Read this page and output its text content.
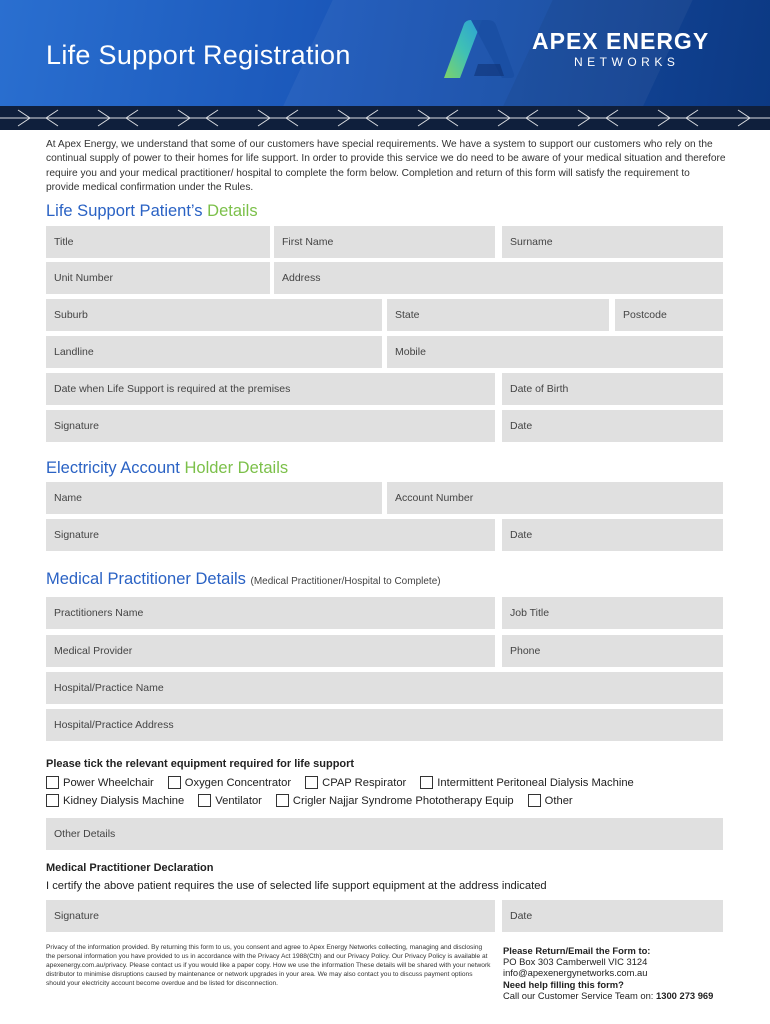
Life Support Registration	APEX ENERGY
NETWORKS
At Apex Energy, we understand that some of our customers have special requirements. We have a system to support our customers who rely on the continual supply of power to their homes for life support. In order to provide this service we do need to be aware of your medical situation and therefore require you and your medical practitioner/ hospital to complete the form below. Completion and return of this form will satisfy the requirement to provide medical confirmation under the Rules.
Life Support Patient’s Details
Title	First Name	Surname
Unit Number	Address
Suburb	State	Postcode
Landline	Mobile
Date when Life Support is required at the premises	Date of Birth
Signature	Date
Electricity Account Holder Details
Name	Account Number
Signature	Date
Medical Practitioner Details (Medical Practitioner/Hospital to Complete)
Practitioners Name	Job Title
Medical Provider	Phone
Hospital/Practice Name
Hospital/Practice Address
Please tick the relevant equipment required for life support
Power Wheelchair	Oxygen Concentrator	CPAP Respirator	Intermittent Peritoneal Dialysis Machine
Kidney Dialysis Machine	Ventilator	Crigler Najjar Syndrome Phototherapy Equip	Other
Other Details
Medical Practitioner Declaration
I certify the above patient requires the use of selected life support equipment at the address indicated
Signature	Date
Privacy of the information provided. By returning this form to us, you consent and agree to Apex Energy Networks collecting, managing and disclosing the personal information you have provided to us in accordance with the Privacy Act 1988(Cth) and our Privacy Policy. Our Privacy Policy is available at apexenergy.com.au/privacy. Please contact us if you would like a paper copy. How we use the information These details will be shared with your network distributor to minimise disruptions caused by maintenance or network upgrades in your area. We may also contact you to discuss payment options should your electricity account become overdue and be listed for disconnection.
Please Return/Email the Form to:
PO Box 303 Camberwell VIC 3124
info@apexenergynetworks.com.au
Need help filling this form?
Call our Customer Service Team on: 1300 273 969
